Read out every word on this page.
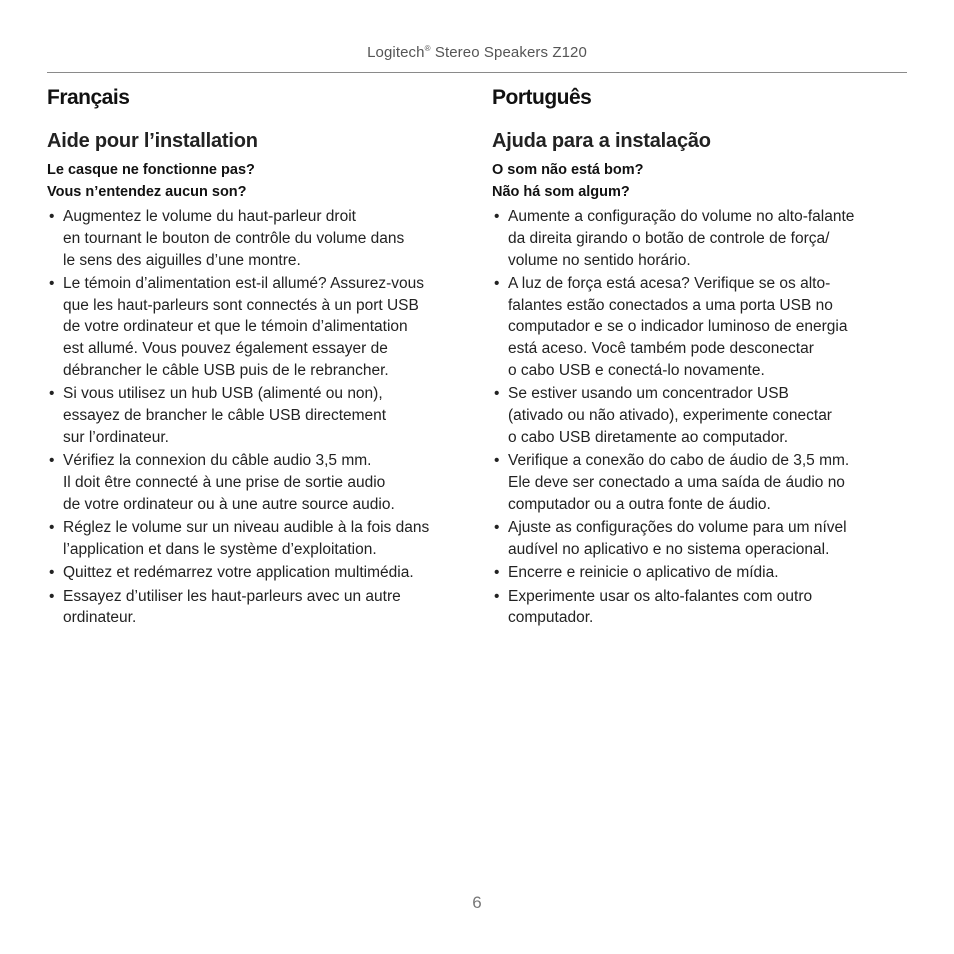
Logitech® Stereo Speakers Z120
Français
Aide pour l’installation
Le casque ne fonctionne pas?
Vous n’entendez aucun son?
• Augmentez le volume du haut-parleur droit
en tournant le bouton de contrôle du volume dans
le sens des aiguilles d’une montre.
• Le témoin d’alimentation est-il allumé? Assurez-vous
que les haut-parleurs sont connectés à un port USB
de votre ordinateur et que le témoin d’alimentation
est allumé. Vous pouvez également essayer de
débrancher le câble USB puis de le rebrancher.
• Si vous utilisez un hub USB (alimenté ou non),
essayez de brancher le câble USB directement
sur l’ordinateur.
• Vérifiez la connexion du câble audio 3,5 mm.
Il doit être connecté à une prise de sortie audio
de votre ordinateur ou à une autre source audio.
• Réglez le volume sur un niveau audible à la fois dans
l’application et dans le système d’exploitation.
• Quittez et redémarrez votre application multimédia.
• Essayez d’utiliser les haut-parleurs avec un autre
ordinateur.
Português
Ajuda para a instalação
O som não está bom?
Não há som algum?
• Aumente a configuração do volume no alto-falante
da direita girando o botão de controle de força/
volume no sentido horário.
• A luz de força está acesa? Verifique se os alto-
falantes estão conectados a uma porta USB no
computador e se o indicador luminoso de energia
está aceso. Você também pode desconectar
o cabo USB e conectá-lo novamente.
• Se estiver usando um concentrador USB
(ativado ou não ativado), experimente conectar
o cabo USB diretamente ao computador.
• Verifique a conexão do cabo de áudio de 3,5 mm.
Ele deve ser conectado a uma saída de áudio no
computador ou a outra fonte de áudio.
• Ajuste as configurações do volume para um nível
audível no aplicativo e no sistema operacional.
• Encerre e reinicie o aplicativo de mídia.
• Experimente usar os alto-falantes com outro
computador.
6
